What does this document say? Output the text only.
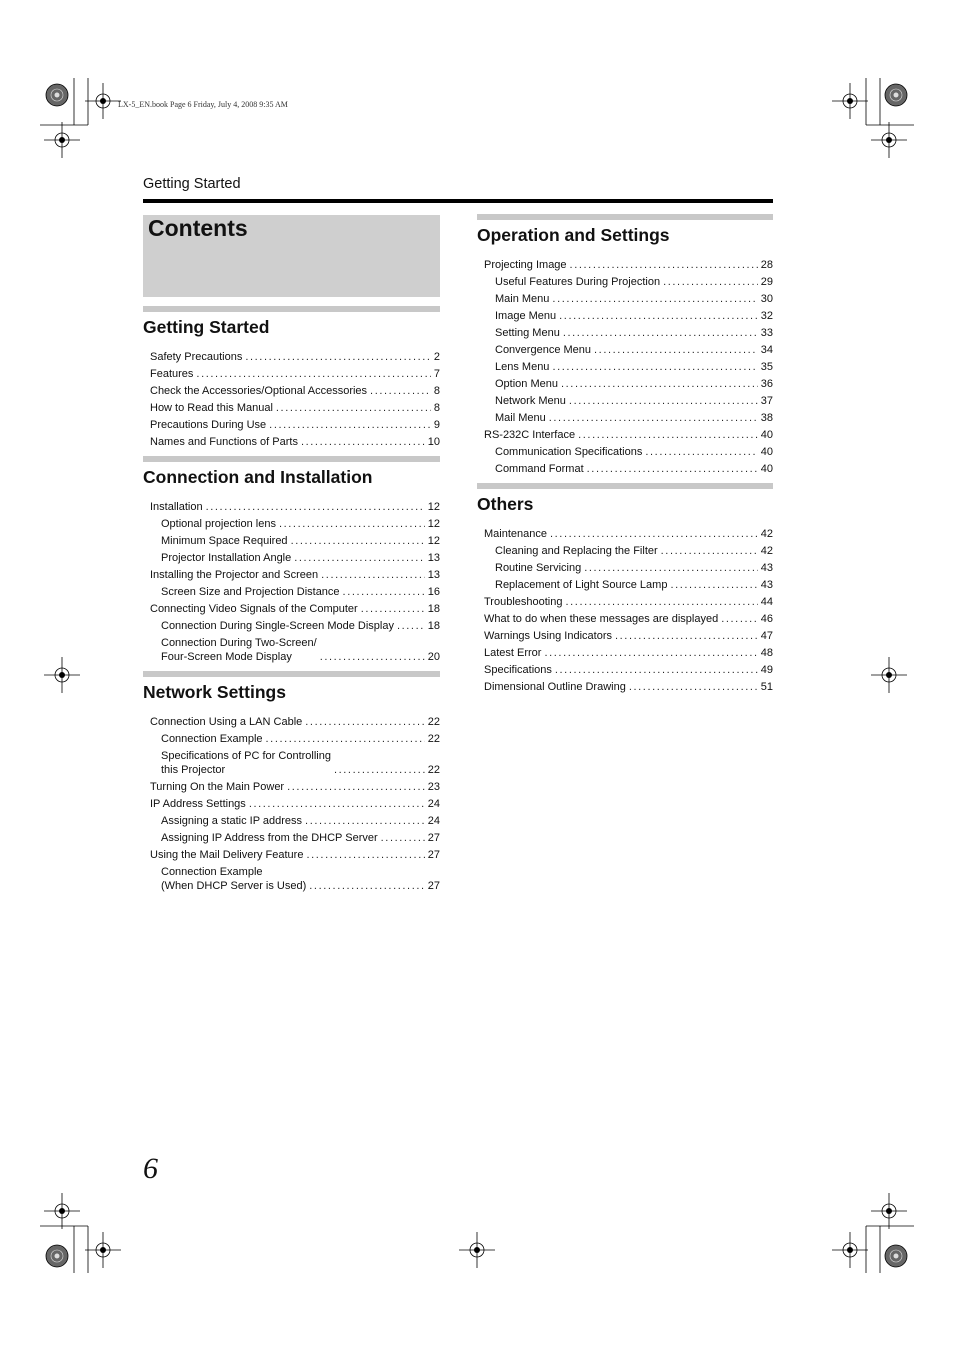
LX-5_EN.book Page 6 Friday, July 4, 2008 9:35 AM
Getting Started
Contents
Getting Started
Safety Precautions .....	2
Features .....	7
Check the Accessories/Optional Accessories .....	8
How to Read this Manual .....	8
Precautions During Use .....	9
Names and Functions of Parts .....	10
Connection and Installation
Installation .....	12
Optional projection lens .....	12
Minimum Space Required .....	12
Projector Installation Angle .....	13
Installing the Projector and Screen .....	13
Screen Size and Projection Distance .....	16
Connecting Video Signals of the Computer .....	18
Connection During Single-Screen Mode Display .....	18
Connection During Two-Screen/
Four-Screen Mode Display .....	20
Network Settings
Connection Using a LAN Cable .....	22
Connection Example .....	22
Specifications of PC for Controlling
this Projector .....	22
Turning On the Main Power .....	23
IP Address Settings .....	24
Assigning a static IP address .....	24
Assigning IP Address from the DHCP Server .....	27
Using the Mail Delivery Feature .....	27
Connection Example
(When DHCP Server is Used) .....	27
Operation and Settings
Projecting Image .....	28
Useful Features During Projection .....	29
Main Menu .....	30
Image Menu .....	32
Setting Menu .....	33
Convergence Menu .....	34
Lens Menu .....	35
Option Menu .....	36
Network Menu .....	37
Mail Menu .....	38
RS-232C Interface .....	40
Communication Specifications .....	40
Command Format .....	40
Others
Maintenance .....	42
Cleaning and Replacing the Filter .....	42
Routine Servicing .....	43
Replacement of Light Source Lamp .....	43
Troubleshooting .....	44
What to do when these messages are displayed .....	46
Warnings Using Indicators .....	47
Latest Error .....	48
Specifications .....	49
Dimensional Outline Drawing .....	51
6
